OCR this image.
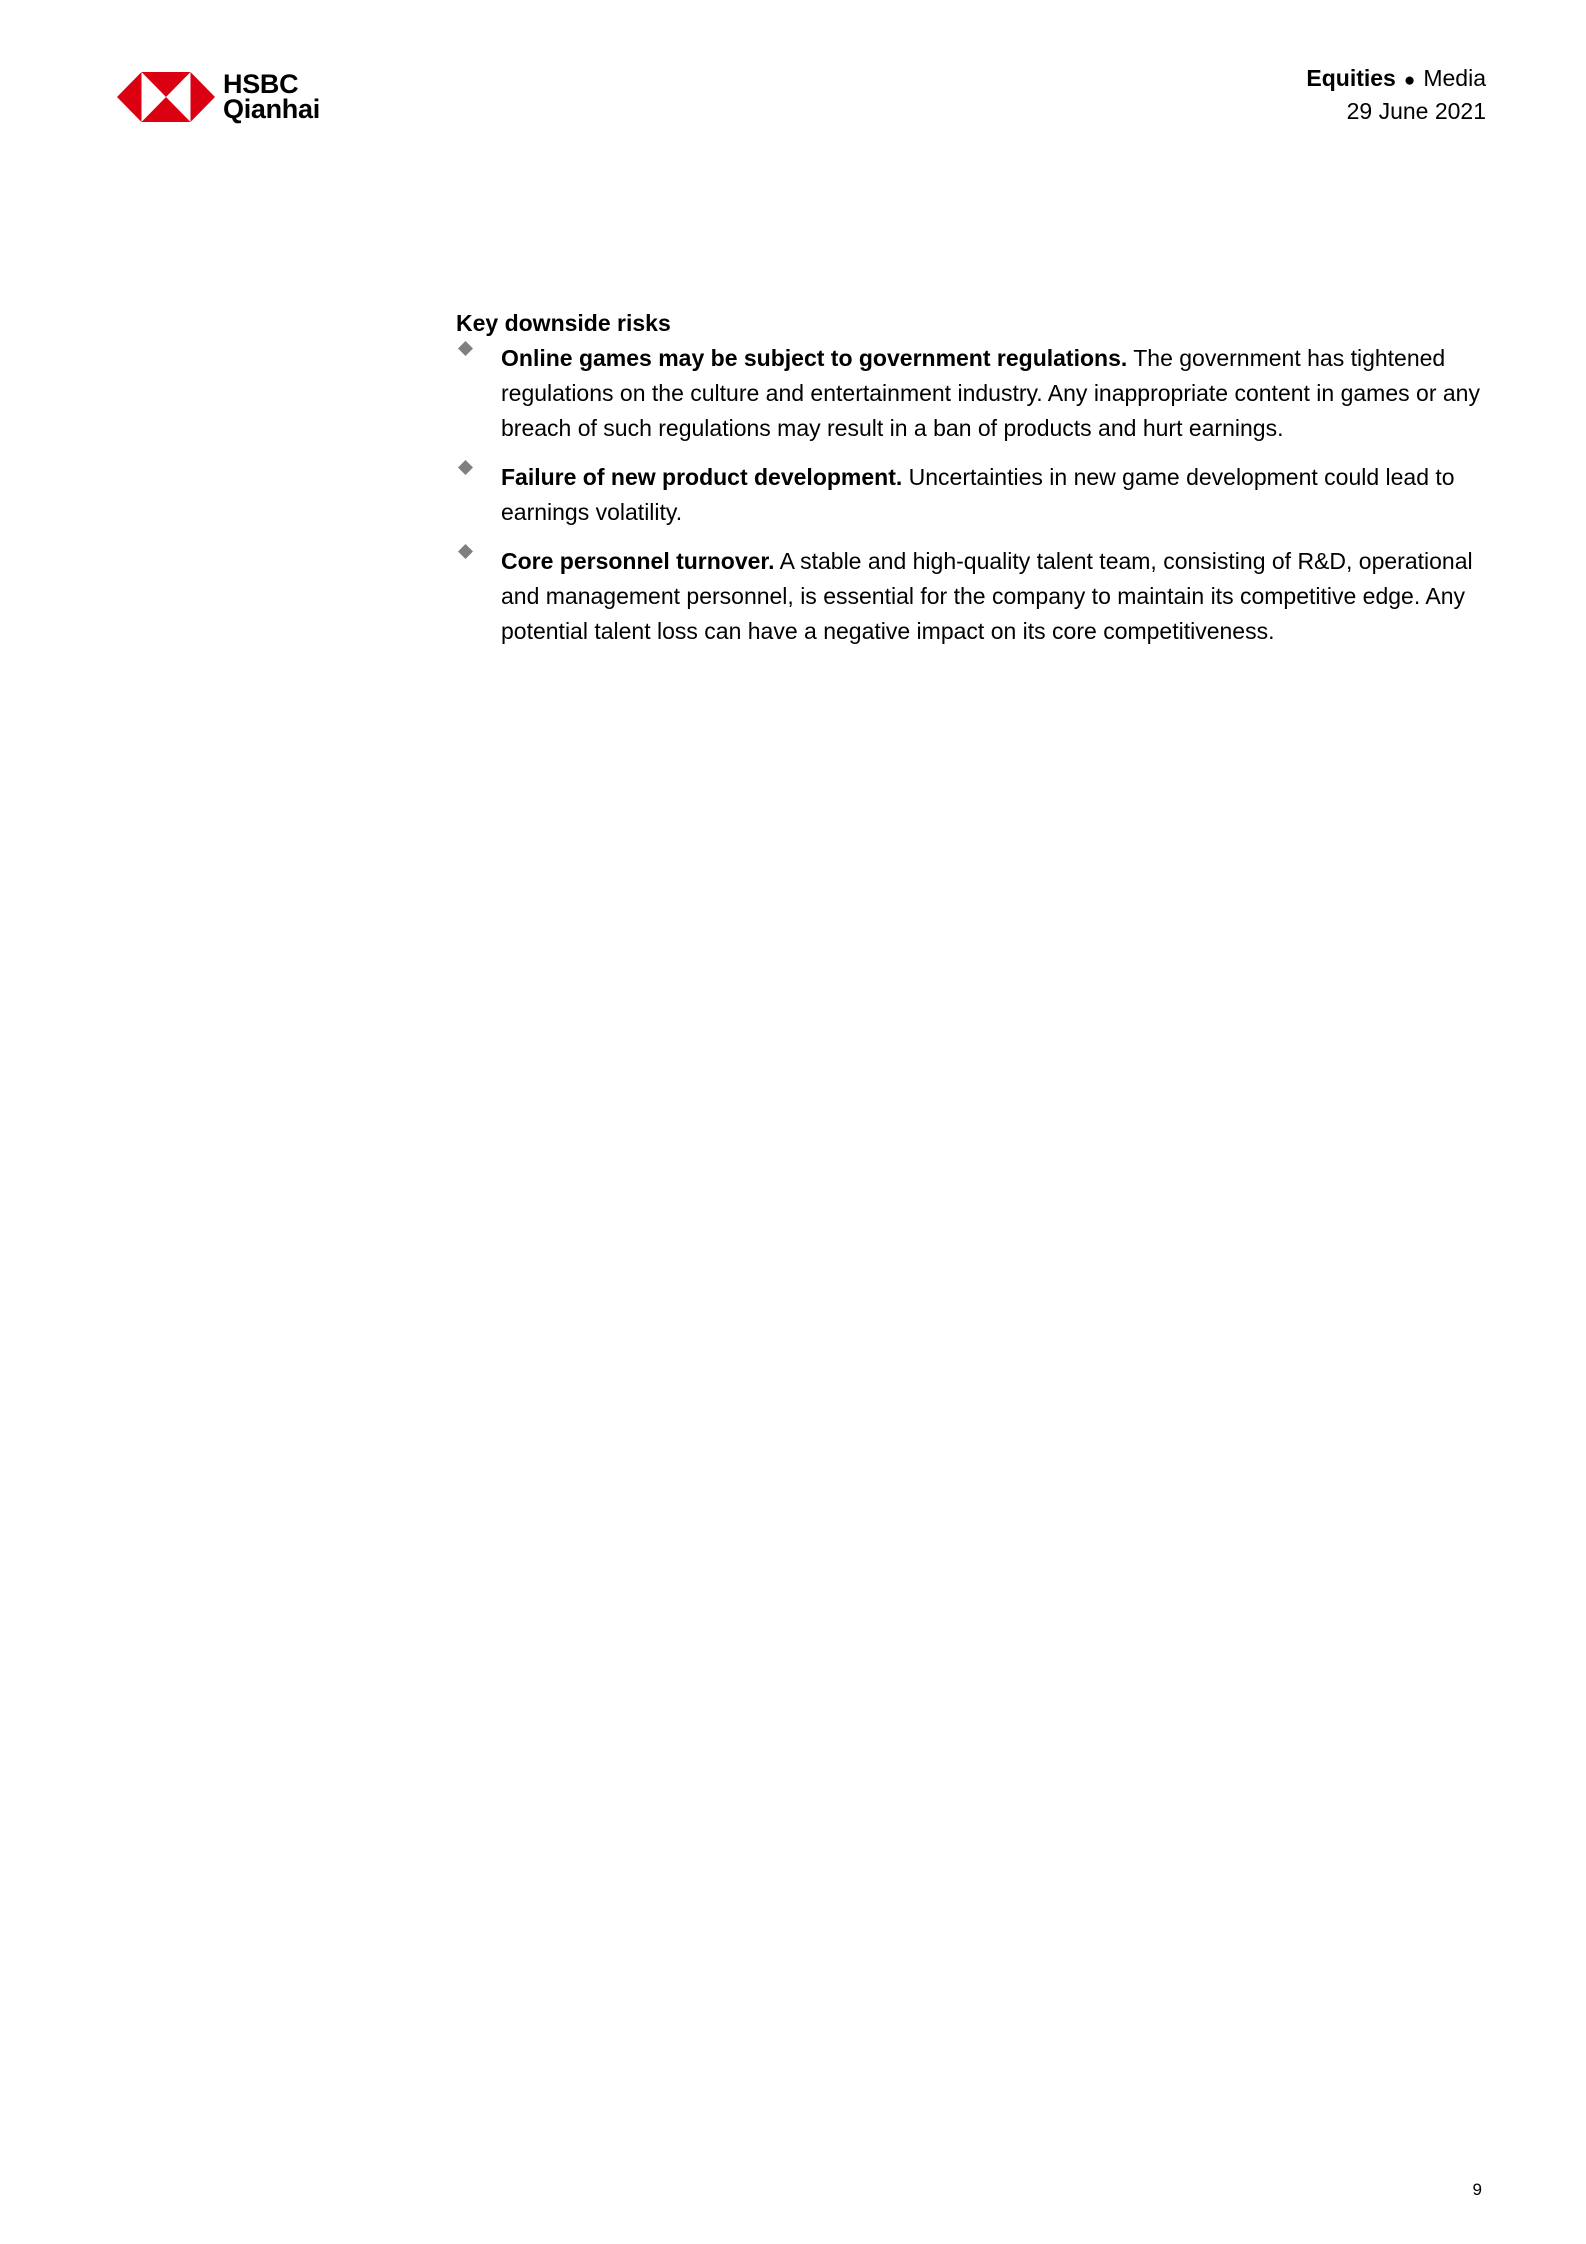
HSBC
Qianhai
Equities ● Media
29 June 2021
Key downside risks
Online games may be subject to government regulations. The government has tightened regulations on the culture and entertainment industry. Any inappropriate content in games or any breach of such regulations may result in a ban of products and hurt earnings.
Failure of new product development. Uncertainties in new game development could lead to earnings volatility.
Core personnel turnover. A stable and high-quality talent team, consisting of R&D, operational and management personnel, is essential for the company to maintain its competitive edge. Any potential talent loss can have a negative impact on its core competitiveness.
9
